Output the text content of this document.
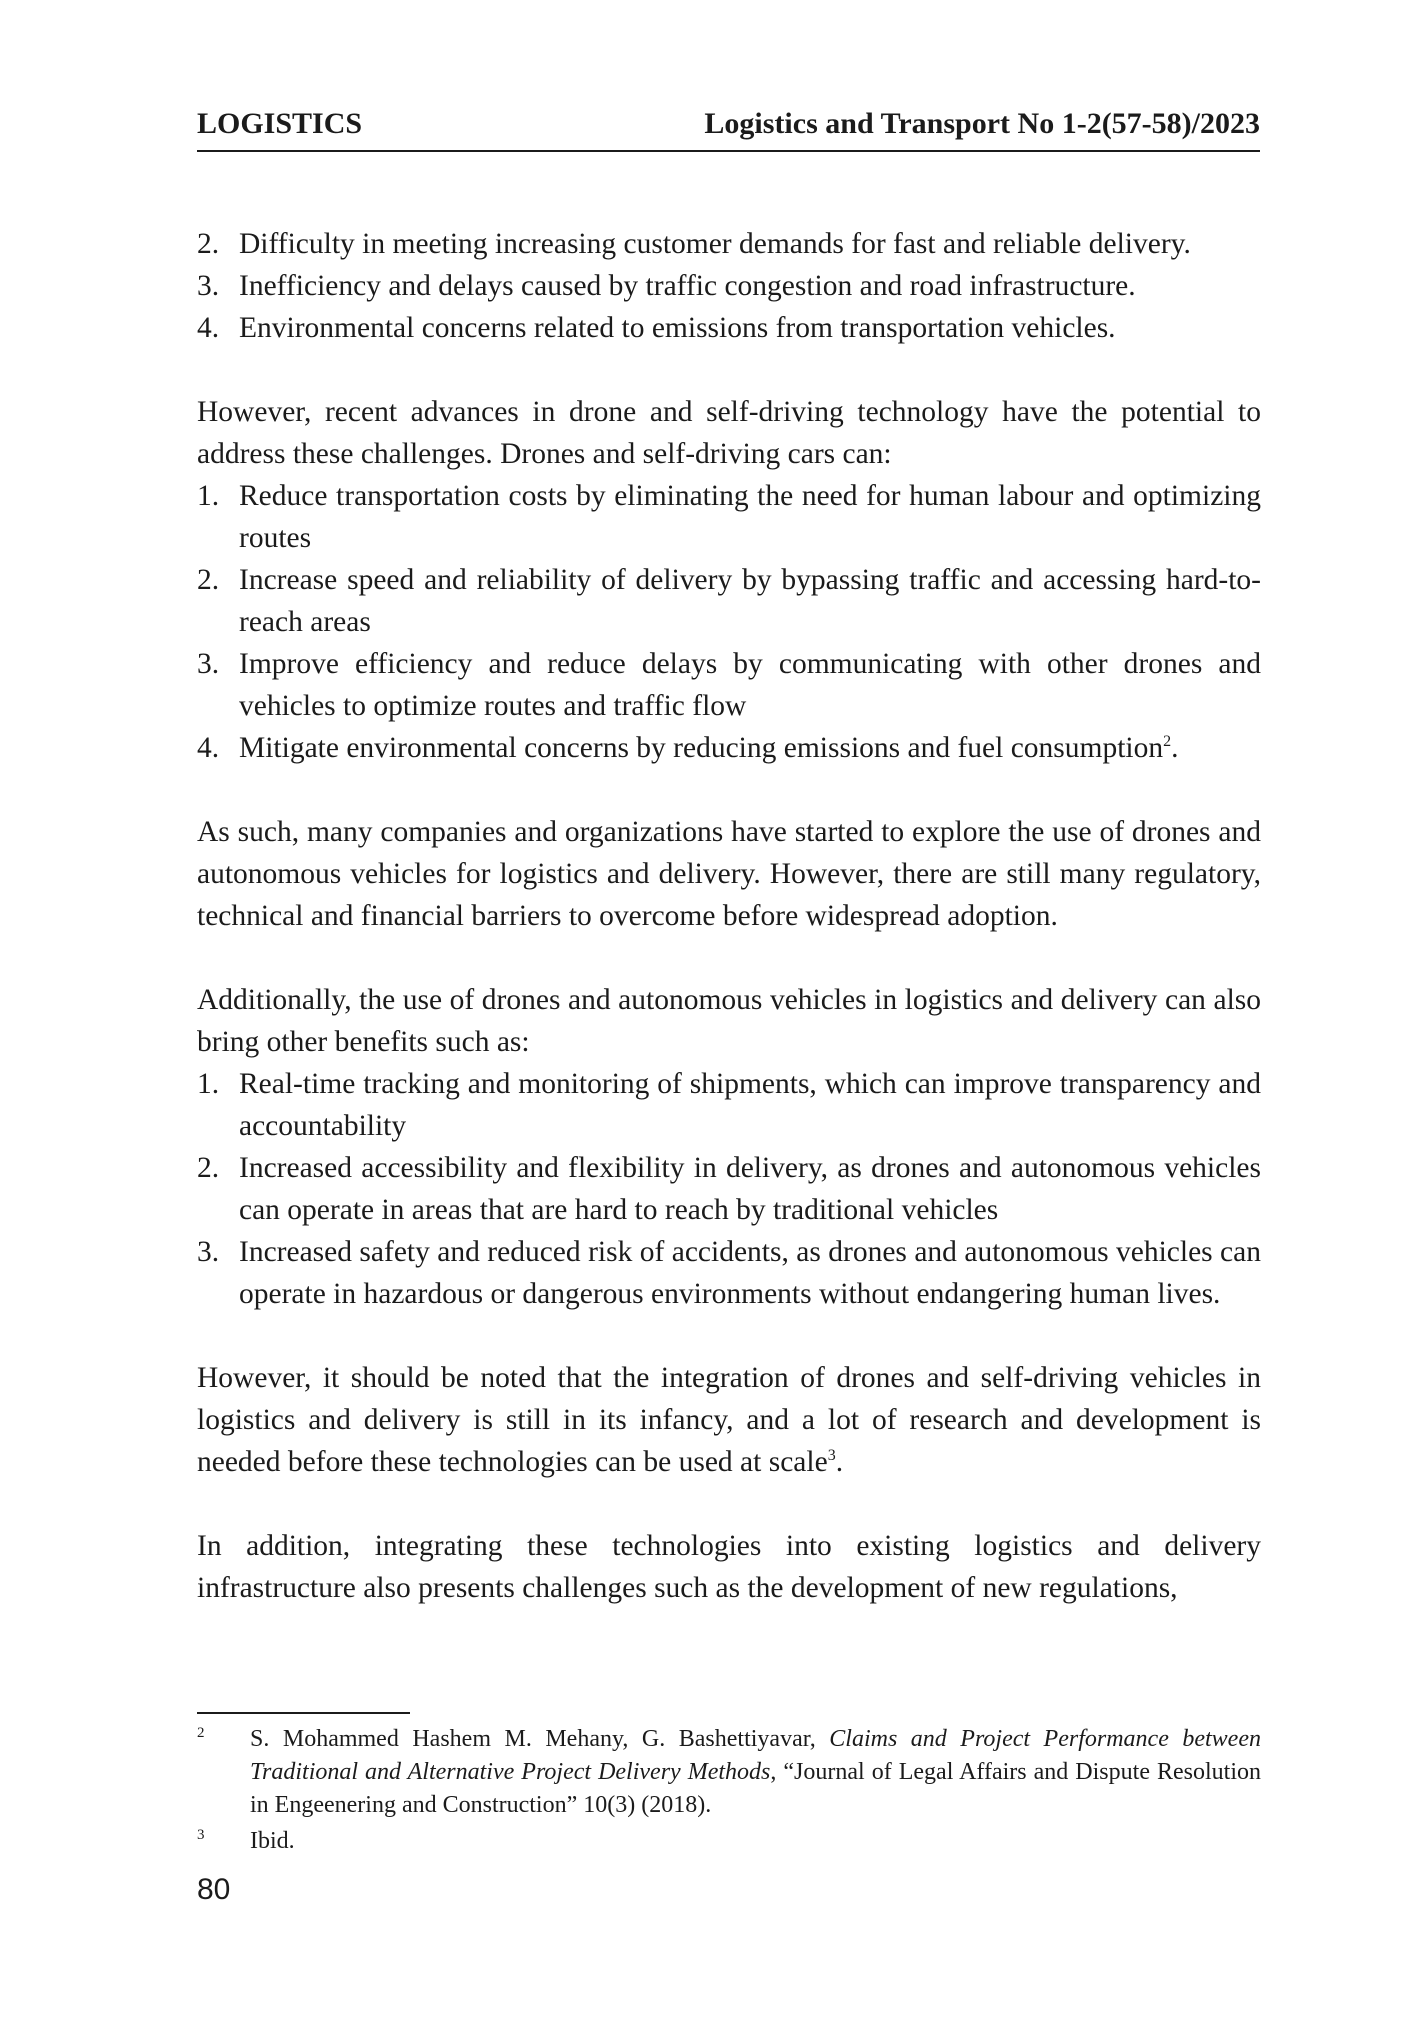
LOGISTICS	Logistics and Transport No 1-2(57-58)/2023
2. Difficulty in meeting increasing customer demands for fast and reliable delivery.
3. Inefficiency and delays caused by traffic congestion and road infrastructure.
4. Environmental concerns related to emissions from transportation vehicles.

However, recent advances in drone and self-driving technology have the potential to address these challenges. Drones and self-driving cars can:

1. Reduce transportation costs by eliminating the need for human labour and optimizing routes
2. Increase speed and reliability of delivery by bypassing traffic and accessing hard-to-reach areas
3. Improve efficiency and reduce delays by communicating with other drones and vehicles to optimize routes and traffic flow
4. Mitigate environmental concerns by reducing emissions and fuel consumption$^2$.

As such, many companies and organizations have started to explore the use of drones and autonomous vehicles for logistics and delivery. However, there are still many regulatory, technical and financial barriers to overcome before widespread adoption.

Additionally, the use of drones and autonomous vehicles in logistics and delivery can also bring other benefits such as:

1. Real-time tracking and monitoring of shipments, which can improve transparency and accountability
2. Increased accessibility and flexibility in delivery, as drones and autonomous vehicles can operate in areas that are hard to reach by traditional vehicles
3. Increased safety and reduced risk of accidents, as drones and autonomous vehicles can operate in hazardous or dangerous environments without endangering human lives.

However, it should be noted that the integration of drones and self-driving vehicles in logistics and delivery is still in its infancy, and a lot of research and development is needed before these technologies can be used at scale$^3$.

In addition, integrating these technologies into existing logistics and delivery infrastructure also presents challenges such as the development of new regulations,

2 S. Mohammed Hashem M. Mehany, G. Bashettiyavar, Claims and Project Performance between Traditional and Alternative Project Delivery Methods, “Journal of Legal Affairs and Dispute Resolution in Engeenering and Construction” 10(3) (2018).
3 Ibid.
80
